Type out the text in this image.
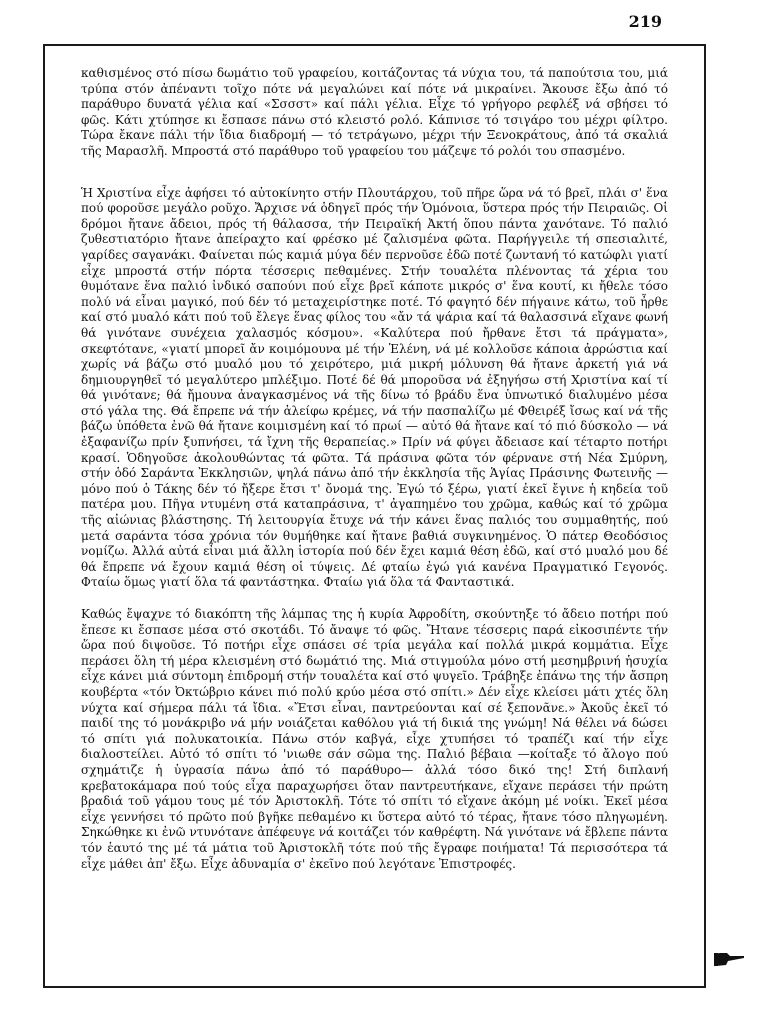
219

καθισμένος στό πίσω δωμάτιο τοῦ γραφείου, κοιτάζοντας τά νύχια του, τά παπούτσια του, μιά τρύπα στόν ἀπέναντι τοῖχο πότε νά μεγαλώνει καί πότε νά μικραίνει. Ἄκουσε ἔξω ἀπό τό παράθυρο δυνατά γέλια καί «Σσσστ» καί πάλι γέλια. Εἶχε τό γρήγορο ρεφλέξ νά σβήσει τό φῶς. Κάτι χτύπησε κι ἔσπασε πάνω στό κλειστό ρολό. Κάπνισε τό τσιγάρο του μέχρι φίλτρο. Τώρα ἔκανε πάλι τήν ἴδια διαδρομή — τό τετράγωνο, μέχρι τήν Ξενοκράτους, ἀπό τά σκαλιά τῆς Μαρασλῆ. Μπροστά στό παράθυρο τοῦ γραφείου του μάζεψε τό ρολόι του σπασμένο.

Ἡ Χριστίνα εἶχε ἀφήσει τό αὐτοκίνητο στήν Πλουτάρχου, τοῦ πῆρε ὥρα νά τό βρεῖ, πλάι σ' ἕνα πού φοροῦσε μεγάλο ροῦχο. Ἄρχισε νά ὁδηγεῖ πρός τήν Ὁμόνοια, ὕστερα πρός τήν Πειραιῶς. Οἱ δρόμοι ἤτανε ἄδειοι, πρός τή θάλασσα, τήν Πειραϊκή Ἀκτή ὅπου πάντα χανότανε. Τό παλιό ζυθεστιατόριο ἤτανε ἀπείραχτο καί φρέσκο μέ ζαλισμένα φῶτα. Παρήγγειλε τή σπεσιαλιτέ, γαρίδες σαγανάκι. Φαίνεται πώς καμιά μύγα δέν περνοῦσε ἐδῶ ποτέ ζωντανή τό κατώφλι γιατί εἶχε μπροστά στήν πόρτα τέσσερις πεθαμένες. Στήν τουαλέτα πλένοντας τά χέρια του θυμότανε ἕνα παλιό ἰνδικό σαπούνι πού εἶχε βρεῖ κάποτε μικρός σ' ἕνα κουτί, κι ἤθελε τόσο πολύ νά εἶναι μαγικό, πού δέν τό μεταχειρίστηκε ποτέ. Τό φαγητό δέν πήγαινε κάτω, τοῦ ἦρθε καί στό μυαλό κάτι πού τοῦ ἔλεγε ἕνας φίλος του «ἄν τά ψάρια καί τά θαλασσινά εἴχανε φωνή θά γινότανε συνέχεια χαλασμός κόσμου». «Καλύτερα πού ἤρθανε ἔτσι τά πράγματα», σκεφτότανε, «γιατί μπορεῖ ἄν κοιμόμουνα μέ τήν Ἑλένη, νά μέ κολλοῦσε κάποια ἀρρώστια καί χωρίς νά βάζω στό μυαλό μου τό χειρότερο, μιά μικρή μόλυνση θά ἤτανε ἀρκετή γιά νά δημιουργηθεῖ τό μεγαλύτερο μπλέξιμο. Ποτέ δέ θά μποροῦσα νά ἐξηγήσω στή Χριστίνα καί τί θά γινότανε; θά ἤμουνα ἀναγκασμένος νά τῆς δίνω τό βράδυ ἕνα ὑπνωτικό διαλυμένο μέσα στό γάλα της. Θά ἔπρεπε νά τήν ἀλείφω κρέμες, νά τήν πασπαλίζω μέ Φθειρέξ ἴσως καί νά τῆς βάζω ὑπόθετα ἐνῶ θά ἤτανε κοιμισμένη καί τό πρωί — αὐτό θά ἤτανε καί τό πιό δύσκολο — νά ἐξαφανίζω πρίν ξυπνήσει, τά ἴχνη τῆς θεραπείας.» Πρίν νά φύγει ἄδειασε καί τέταρτο ποτήρι κρασί. Ὁδηγοῦσε ἀκολουθώντας τά φῶτα. Τά πράσινα φῶτα τόν φέρνανε στή Νέα Σμύρνη, στήν ὁδό Σαράντα Ἐκκλησιῶν, ψηλά πάνω ἀπό τήν ἐκκλησία τῆς Ἁγίας Πράσινης Φωτεινῆς — μόνο πού ὁ Τάκης δέν τό ἤξερε ἔτσι τ' ὄνομά της. Ἐγώ τό ξέρω, γιατί ἐκεῖ ἔγινε ἡ κηδεία τοῦ πατέρα μου. Πῆγα ντυμένη στά καταπράσινα, τ' ἀγαπημένο του χρῶμα, καθώς καί τό χρῶμα τῆς αἰώνιας βλάστησης. Τή λειτουργία ἔτυχε νά τήν κάνει ἕνας παλιός του συμμαθητής, πού μετά σαράντα τόσα χρόνια τόν θυμήθηκε καί ἤτανε βαθιά συγκινημένος. Ὁ πάτερ Θεοδόσιος νομίζω. Ἀλλά αὐτά εἶναι μιά ἄλλη ἱστορία πού δέν ἔχει καμιά θέση ἐδῶ, καί στό μυαλό μου δέ θά ἔπρεπε νά ἔχουν καμιά θέση οἱ τύψεις. Δέ φταίω ἐγώ γιά κανένα Πραγματικό Γεγονός. Φταίω ὅμως γιατί ὅλα τά φαντάστηκα. Φταίω γιά ὅλα τά Φανταστικά.

Καθώς ἔψαχνε τό διακόπτη τῆς λάμπας της ἡ κυρία Ἀφροδίτη, σκούντηξε τό ἄδειο ποτήρι πού ἔπεσε κι ἔσπασε μέσα στό σκοτάδι. Τό ἄναψε τό φῶς. Ἤτανε τέσσερις παρά εἰκοσιπέντε τήν ὥρα πού διψοῦσε. Τό ποτήρι εἶχε σπάσει σέ τρία μεγάλα καί πολλά μικρά κομμάτια. Εἶχε περάσει ὅλη τή μέρα κλεισμένη στό δωμάτιό της. Μιά στιγμούλα μόνο στή μεσημβρινή ἡσυχία εἶχε κάνει μιά σύντομη ἐπιδρομή στήν τουαλέτα καί στό ψυγεῖο. Τράβηξε ἐπάνω της τήν ἄσπρη κουβέρτα «τόν Ὀκτώβριο κάνει πιό πολύ κρύο μέσα στό σπίτι.» Δέν εἶχε κλείσει μάτι χτές ὅλη νύχτα καί σήμερα πάλι τά ἴδια. «Ἔτσι εἶναι, παντρεύονται καί σέ ξεπονᾶνε.» Ἀκοῦς ἐκεῖ τό παιδί της τό μονάκριβο νά μήν νοιάζεται καθόλου γιά τή δικιά της γνώμη! Νά θέλει νά δώσει τό σπίτι γιά πολυκατοικία. Πάνω στόν καβγά, εἶχε χτυπήσει τό τραπέζι καί τήν εἶχε διαλοστείλει. Αὐτό τό σπίτι τό 'νιωθε σάν σῶμα της. Παλιό βέβαια —κοίταξε τό ἄλογο πού σχημάτιζε ἡ ὑγρασία πάνω ἀπό τό παράθυρο— ἀλλά τόσο δικό της! Στή διπλανή κρεβατοκάμαρα πού τούς εἶχα παραχωρήσει ὅταν παντρευτήκανε, εἴχανε περάσει τήν πρώτη βραδιά τοῦ γάμου τους μέ τόν Ἀριστοκλῆ. Τότε τό σπίτι τό εἴχανε ἀκόμη μέ νοίκι. Ἐκεῖ μέσα εἶχε γεννήσει τό πρῶτο πού βγῆκε πεθαμένο κι ὕστερα αὐτό τό τέρας, ἤτανε τόσο πληγωμένη. Σηκώθηκε κι ἐνῶ ντυνότανε ἀπέφευγε νά κοιτάζει τόν καθρέφτη. Νά γινότανε νά ἔβλεπε πάντα τόν ἑαυτό της μέ τά μάτια τοῦ Ἀριστοκλῆ τότε πού τῆς ἔγραφε ποιήματα! Τά περισσότερα τά εἶχε μάθει ἀπ' ἔξω. Εἶχε ἀδυναμία σ' ἐκεῖνο πού λεγότανε Ἐπιστροφές.
